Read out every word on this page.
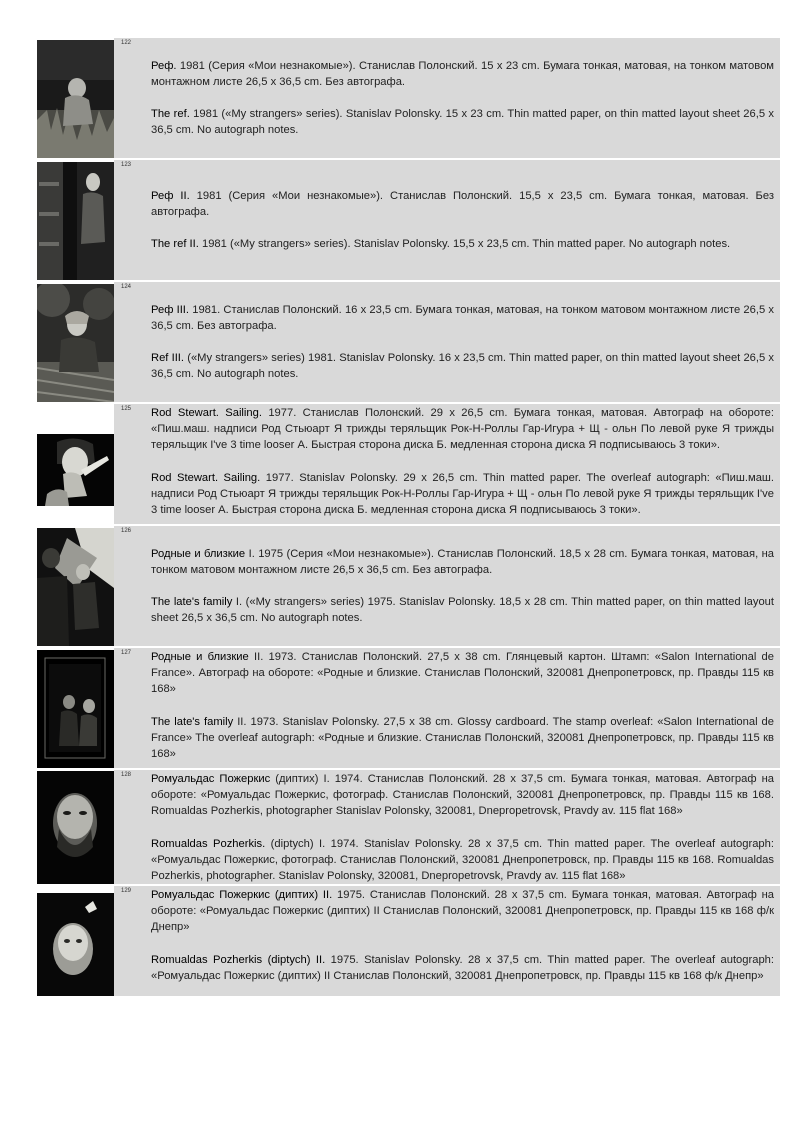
122

Реф. 1981 (Серия «Мои незнакомые»). Станислав Полонский. 15 x 23 cm. Бумага тонкая, матовая, на тонком матовом монтажном листе 26,5 x 36,5 cm. Без автографа.

The ref. 1981 («My strangers» series). Stanislav Polonsky. 15 x 23 cm. Thin matted paper, on thin matted layout sheet 26,5 x 36,5 cm. No autograph notes.

123

Реф II. 1981 (Серия «Мои незнакомые»). Станислав Полонский. 15,5 x 23,5 cm. Бумага тонкая, матовая. Без автографа.

The ref II. 1981 («My strangers» series). Stanislav Polonsky. 15,5 x 23,5 cm. Thin matted paper. No autograph notes.

124

Реф III. 1981. Станислав Полонский. 16 x 23,5 cm. Бумага тонкая, матовая, на тонком матовом монтажном листе 26,5 x 36,5 cm. Без автографа.

Ref III. («My strangers» series) 1981. Stanislav Polonsky. 16 x 23,5 cm. Thin matted paper, on thin matted layout sheet 26,5 x 36,5 cm. No autograph notes.

125 Rod Stewart. Sailing. 1977. Станислав Полонский. 29 x 26,5 cm. Бумага тонкая, матовая. Автограф на обороте: «Пиш.маш. надписи Род Стьюарт Я трижды теряльщик Рок-Н-Роллы Гар-Игура + Щ - ольн По левой руке Я трижды теряльщик I've 3 time looser А. Быстрая сторона диска Б. медленная сторона диска Я подписываюсь 3 токи».

Rod Stewart. Sailing. 1977. Stanislav Polonsky. 29 x 26,5 cm. Thin matted paper. The overleaf autograph: «Пиш.маш. надписи Род Стьюарт Я трижды теряльщик Рок-Н-Роллы Гар-Игура + Щ - ольн По левой руке Я трижды теряльщик I've 3 time looser А. Быстрая сторона диска Б. медленная сторона диска Я подписываюсь 3 токи».

126

Родные и близкие I. 1975 (Серия «Мои незнакомые»). Станислав Полонский. 18,5 x 28 cm. Бумага тонкая, матовая, на тонком матовом монтажном листе 26,5 x 36,5 cm. Без автографа.

The late's family I. («My strangers» series) 1975. Stanislav Polonsky. 18,5 x 28 cm. Thin matted paper, on thin matted layout sheet 26,5 x 36,5 cm. No autograph notes.

127 Родные и близкие II. 1973. Станислав Полонский. 27,5 x 38 cm. Глянцевый картон. Штамп: «Salon International de France». Автограф на обороте: «Родные и близкие. Станислав Полонский, 320081 Днепропетровск, пр. Правды 115 кв 168»

The late's family II. 1973. Stanislav Polonsky. 27,5 x 38 cm. Glossy cardboard. The stamp overleaf: «Salon International de France» The overleaf autograph: «Родные и близкие. Станислав Полонский, 320081 Днепропетровск, пр. Правды 115 кв 168»

128 Ромуальдас Пожеркис (диптих) I. 1974. Станислав Полонский. 28 x 37,5 cm. Бумага тонкая, матовая. Автограф на обороте: «Ромуальдас Пожеркис, фотограф. Станислав Полонский, 320081 Днепропетровск, пр. Правды 115 кв 168. Romualdas Pozherkis, photographer Stanislav Polonsky, 320081, Dnepropetrovsk, Pravdy av. 115 flat 168»

Romualdas Pozherkis. (diptych) I. 1974. Stanislav Polonsky. 28 x 37,5 cm. Thin matted paper. The overleaf autograph: «Ромуальдас Пожеркис, фотограф. Станислав Полонский, 320081 Днепропетровск, пр. Правды 115 кв 168. Romualdas Pozherkis, photographer. Stanislav Polonsky, 320081, Dnepropetrovsk, Pravdy av. 115 flat 168»

129 Ромуальдас Пожеркис (диптих) II. 1975. Станислав Полонский. 28 x 37,5 cm. Бумага тонкая, матовая. Автограф на обороте: «Ромуальдас Пожеркис (диптих) II Станислав Полонский, 320081 Днепропетровск, пр. Правды 115 кв 168 ф/к Днепр»

Romualdas Pozherkis (diptych) II. 1975. Stanislav Polonsky. 28 x 37,5 cm. Thin matted paper. The overleaf autograph: «Ромуальдас Пожеркис (диптих) II Станислав Полонский, 320081 Днепропетровск, пр. Правды 115 кв 168 ф/к Днепр»
